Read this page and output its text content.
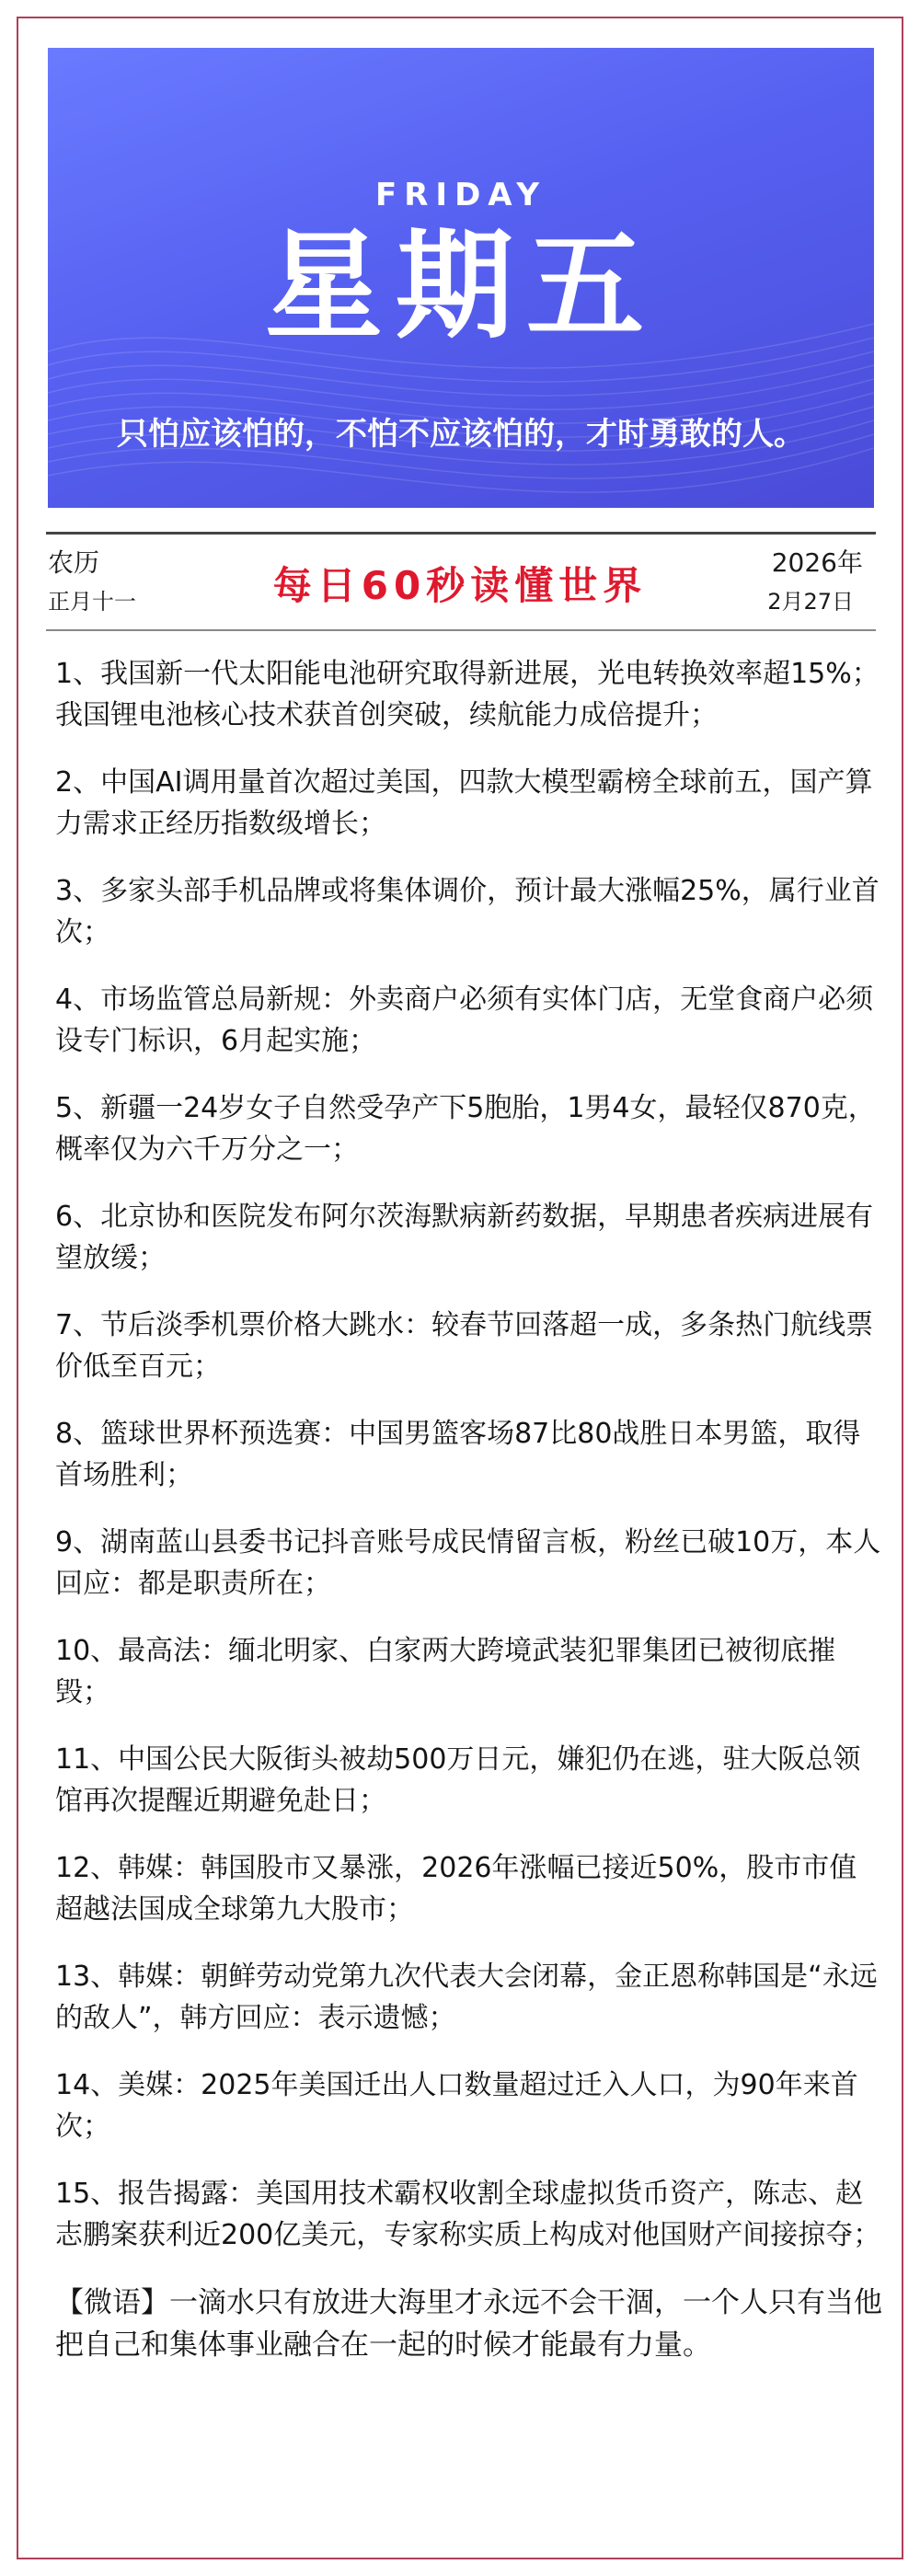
FRIDAY
星期五
只怕应该怕的，不怕不应该怕的，才时勇敢的人。
农历
正月十一	每日60秒读懂世界
2026年
2月27日

1、我国新一代太阳能电池研究取得新进展，光电转换效率超15%；我国锂电池核心技术获首创突破，续航能力成倍提升；

2、中国AI调用量首次超过美国，四款大模型霸榜全球前五，国产算力需求正经历指数级增长；

3、多家头部手机品牌或将集体调价，预计最大涨幅25%，属行业首次；

4、市场监管总局新规：外卖商户必须有实体门店，无堂食商户必须设专门标识，6月起实施；

5、新疆一24岁女子自然受孕产下5胞胎，1男4女，最轻仅870克，概率仅为六千万分之一；

6、北京协和医院发布阿尔茨海默病新药数据，早期患者疾病进展有望放缓；

7、节后淡季机票价格大跳水：较春节回落超一成，多条热门航线票价低至百元；

8、篮球世界杯预选赛：中国男篮客场87比80战胜日本男篮，取得首场胜利；

9、湖南蓝山县委书记抖音账号成民情留言板，粉丝已破10万，本人回应：都是职责所在；

10、最高法：缅北明家、白家两大跨境武装犯罪集团已被彻底摧毁；

11、中国公民大阪街头被劫500万日元，嫌犯仍在逃，驻大阪总领馆再次提醒近期避免赴日；

12、韩媒：韩国股市又暴涨，2026年涨幅已接近50%，股市市值超越法国成全球第九大股市；

13、韩媒：朝鲜劳动党第九次代表大会闭幕，金正恩称韩国是“永远的敌人”，韩方回应：表示遗憾；

14、美媒：2025年美国迁出人口数量超过迁入人口，为90年来首次；

15、报告揭露：美国用技术霸权收割全球虚拟货币资产，陈志、赵志鹏案获利近200亿美元，专家称实质上构成对他国财产间接掠夺；

【微语】一滴水只有放进大海里才永远不会干涸，一个人只有当他把自己和集体事业融合在一起的时候才能最有力量。
